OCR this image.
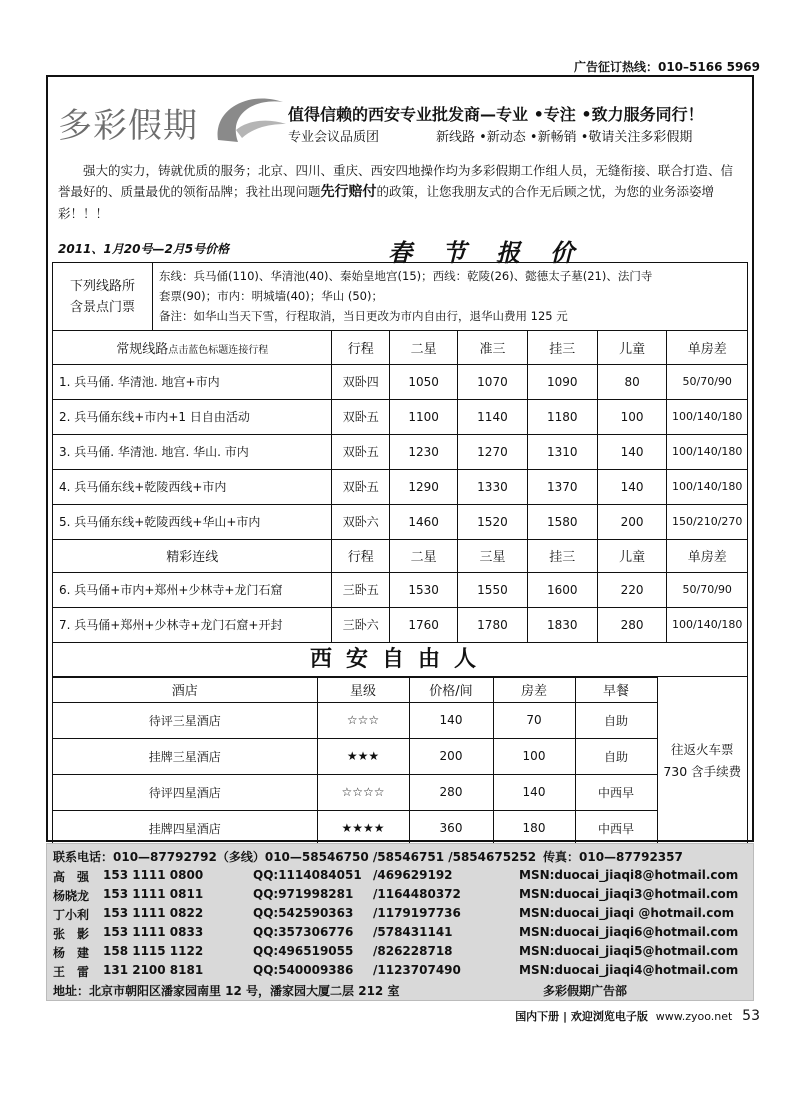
广告征订热线：010–5166 5969
多彩假期	值得信赖的西安专业批发商—专业 •专注 •致力服务同行！
专业会议品质团	新线路 •新动态 •新畅销 •敬请关注多彩假期
强大的实力，铸就优质的服务；北京、四川、重庆、西安四地操作均为多彩假期工作组人员，无缝衔接、联合打造、信誉最好的、质量最优的领衔品牌；我社出现问题先行赔付的政策，让您我朋友式的合作无后顾之忧，为您的业务添姿增彩！！！
2011、1月20号—2月5号价格	春节报价
下列线路所
含景点门票
东线：兵马俑(110)、华清池(40)、秦始皇地宫(15)；西线：乾陵(26)、懿德太子墓(21)、法门寺
套票(90)；市内：明城墙(40)；华山 (50)；
备注：如华山当天下雪，行程取消，当日更改为市内自由行，退华山费用 125 元
常规线路点击蓝色标题连接行程	行程	二星	准三	挂三	儿童	单房差
1. 兵马俑. 华清池. 地宫+市内	双卧四	1050	1070	1090	80	50/70/90
2. 兵马俑东线+市内+1 日自由活动	双卧五	1100	1140	1180	100	100/140/180
3. 兵马俑. 华清池. 地宫. 华山. 市内	双卧五	1230	1270	1310	140	100/140/180
4. 兵马俑东线+乾陵西线+市内	双卧五	1290	1330	1370	140	100/140/180
5. 兵马俑东线+乾陵西线+华山+市内	双卧六	1460	1520	1580	200	150/210/270
精彩连线	行程	二星	三星	挂三	儿童	单房差
6. 兵马俑+市内+郑州+少林寺+龙门石窟	三卧五	1530	1550	1600	220	50/70/90
7. 兵马俑+郑州+少林寺+龙门石窟+开封	三卧六	1760	1780	1830	280	100/140/180
西安自由人
酒店	星级	价格/间	房差	早餐
待评三星酒店	☆☆☆	140	70	自助
挂牌三星酒店	★★★	200	100	自助
待评四星酒店	☆☆☆☆	280	140	中西早
挂牌四星酒店	★★★★	360	180	中西早
往返火车票
730 含手续费
联系电话：010—87792792（多线）010—58546750 /58546751 /5854675252 传真：010—87792357
高　强 153 1111 0800	QQ:1114084051 /469629192	MSN:duocai_jiaqi8@hotmail.com
杨晓龙 153 1111 0811	QQ:971998281 /1164480372	MSN:duocai_jiaqi3@hotmail.com
丁小利 153 1111 0822	QQ:542590363 /1179197736	MSN:duocai_jiaqi @hotmail.com
张　影 153 1111 0833	QQ:357306776 /578431141	MSN:duocai_jiaqi6@hotmail.com
杨　建 158 1115 1122	QQ:496519055 /826228718	MSN:duocai_jiaqi5@hotmail.com
王　雷 131 2100 8181	QQ:540009386 /1123707490	MSN:duocai_jiaqi4@hotmail.com
地址：北京市朝阳区潘家园南里 12 号，潘家园大厦二层 212 室	多彩假期广告部
国内下册 | 欢迎浏览电子版 www.zyoo.net 53
